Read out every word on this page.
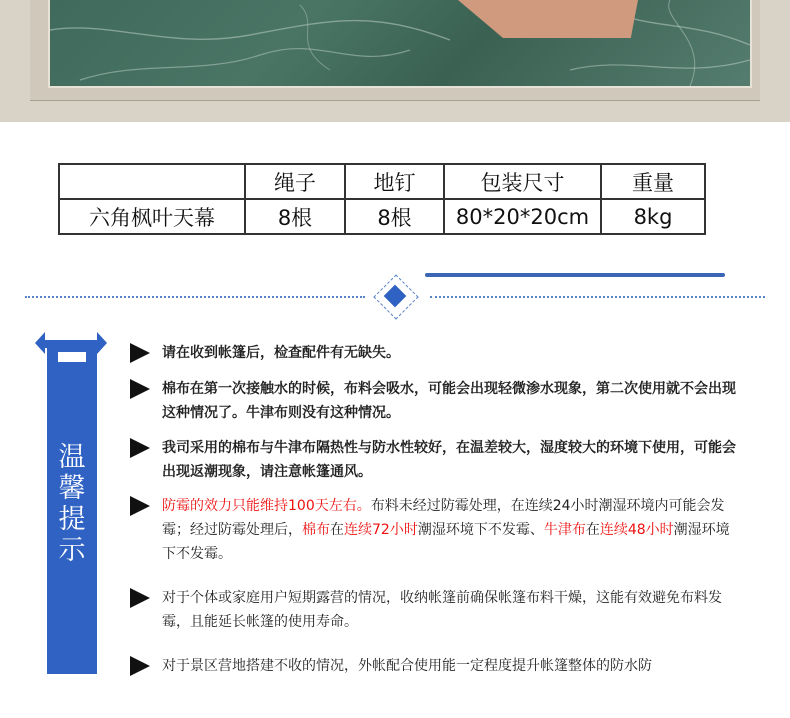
	绳子	地钉	包装尺寸	重量
六角枫叶天幕	8根	8根	80*20*20cm	8kg
温
馨
提
示
请在收到帐篷后，检查配件有无缺失。
棉布在第一次接触水的时候，布料会吸水，可能会出现轻微渗水现象，第二次使用就不会出现这种情况了。牛津布则没有这种情况。
我司采用的棉布与牛津布隔热性与防水性较好，在温差较大，湿度较大的环境下使用，可能会出现返潮现象，请注意帐篷通风。
防霉的效力只能维持100天左右。布料未经过防霉处理，在连续24小时潮湿环境内可能会发霉；经过防霉处理后，棉布在连续72小时潮湿环境下不发霉、牛津布在连续48小时潮湿环境下不发霉。
对于个体或家庭用户短期露营的情况，收纳帐篷前确保帐篷布料干燥，这能有效避免布料发霉，且能延长帐篷的使用寿命。
对于景区营地搭建不收的情况，外帐配合使用能一定程度提升帐篷整体的防水防
